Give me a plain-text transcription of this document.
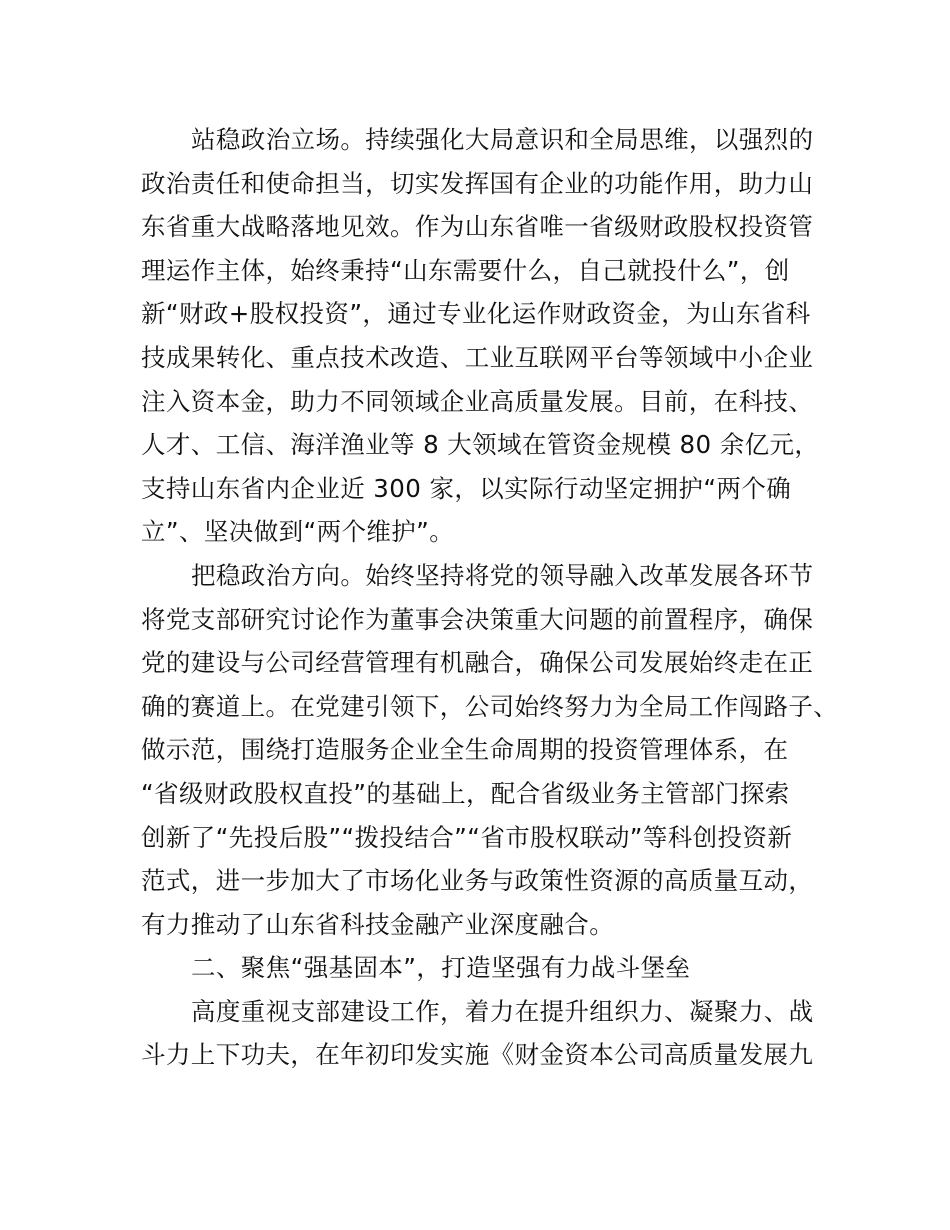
站稳政治立场。持续强化大局意识和全局思维，以强烈的
政治责任和使命担当，切实发挥国有企业的功能作用，助力山
东省重大战略落地见效。作为山东省唯一省级财政股权投资管
理运作主体，始终秉持“山东需要什么，自己就投什么”，创
新“财政+股权投资”，通过专业化运作财政资金，为山东省科
技成果转化、重点技术改造、工业互联网平台等领域中小企业
注入资本金，助力不同领域企业高质量发展。目前，在科技、
人才、工信、海洋渔业等 8 大领域在管资金规模 80 余亿元，
支持山东省内企业近 300 家，以实际行动坚定拥护“两个确
立”、坚决做到“两个维护”。
把稳政治方向。始终坚持将党的领导融入改革发展各环节
将党支部研究讨论作为董事会决策重大问题的前置程序，确保
党的建设与公司经营管理有机融合，确保公司发展始终走在正
确的赛道上。在党建引领下，公司始终努力为全局工作闯路子、
做示范，围绕打造服务企业全生命周期的投资管理体系，在
“省级财政股权直投”的基础上，配合省级业务主管部门探索
创新了“先投后股”“拨投结合”“省市股权联动”等科创投资新
范式，进一步加大了市场化业务与政策性资源的高质量互动，
有力推动了山东省科技金融产业深度融合。
二、聚焦“强基固本”，打造坚强有力战斗堡垒
高度重视支部建设工作，着力在提升组织力、凝聚力、战
斗力上下功夫，在年初印发实施《财金资本公司高质量发展九
